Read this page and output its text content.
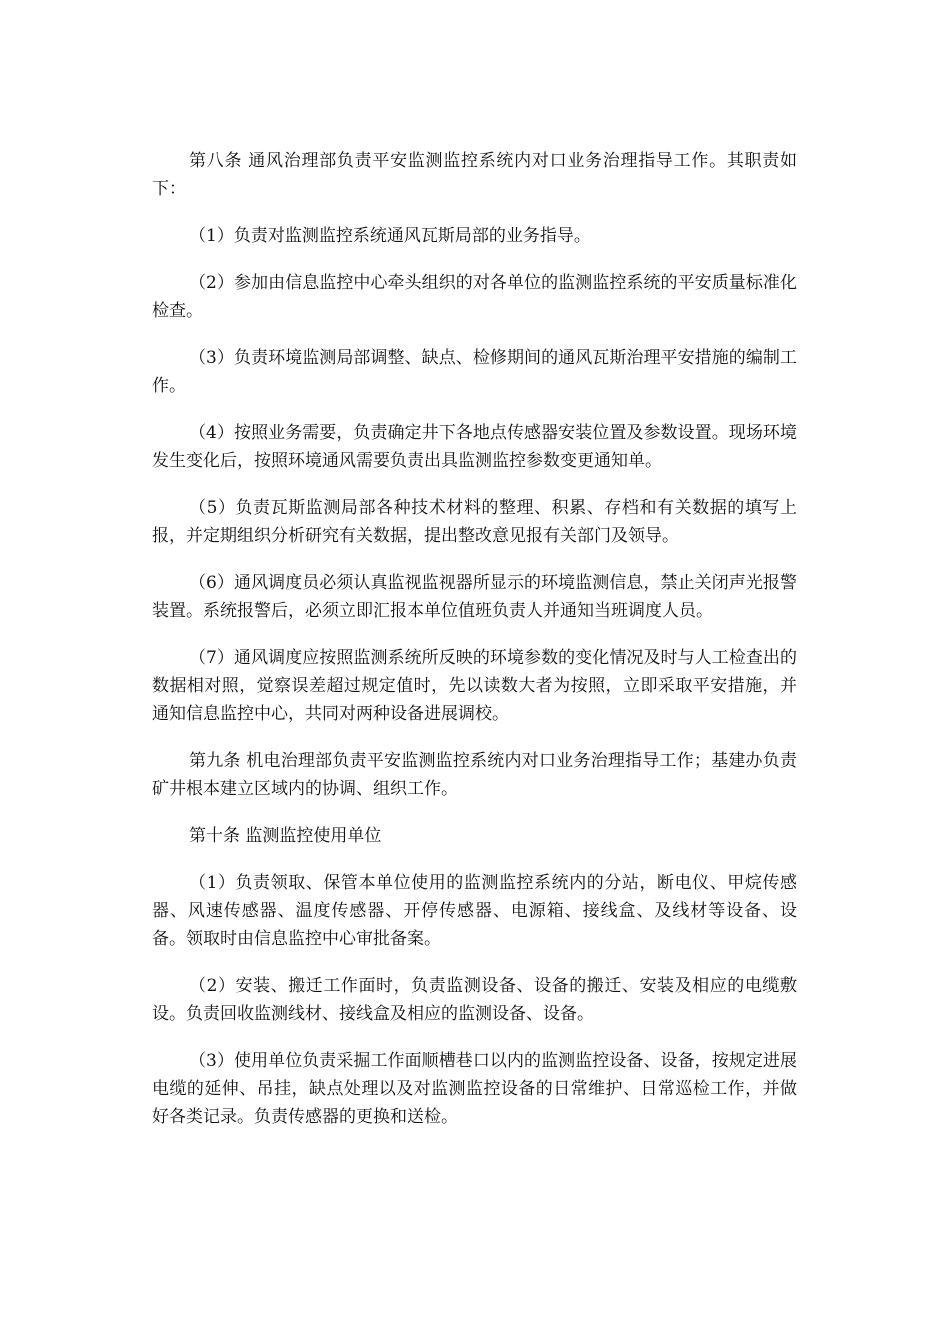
第八条 通风治理部负责平安监测监控系统内对口业务治理指导工作。其职责如下：

（1）负责对监测监控系统通风瓦斯局部的业务指导。

（2）参加由信息监控中心牵头组织的对各单位的监测监控系统的平安质量标准化检查。

（3）负责环境监测局部调整、缺点、检修期间的通风瓦斯治理平安措施的编制工作。

（4）按照业务需要，负责确定井下各地点传感器安装位置及参数设置。现场环境发生变化后，按照环境通风需要负责出具监测监控参数变更通知单。

（5）负责瓦斯监测局部各种技术材料的整理、积累、存档和有关数据的填写上报，并定期组织分析研究有关数据，提出整改意见报有关部门及领导。

（6）通风调度员必须认真监视监视器所显示的环境监测信息，禁止关闭声光报警装置。系统报警后，必须立即汇报本单位值班负责人并通知当班调度人员。

（7）通风调度应按照监测系统所反映的环境参数的变化情况及时与人工检查出的数据相对照，觉察误差超过规定值时，先以读数大者为按照，立即采取平安措施，并通知信息监控中心，共同对两种设备进展调校。

第九条 机电治理部负责平安监测监控系统内对口业务治理指导工作；基建办负责矿井根本建立区域内的协调、组织工作。

第十条 监测监控使用单位

（1）负责领取、保管本单位使用的监测监控系统内的分站，断电仪、甲烷传感器、风速传感器、温度传感器、开停传感器、电源箱、接线盒、及线材等设备、设备。领取时由信息监控中心审批备案。

（2）安装、搬迁工作面时，负责监测设备、设备的搬迁、安装及相应的电缆敷设。负责回收监测线材、接线盒及相应的监测设备、设备。

（3）使用单位负责采掘工作面顺槽巷口以内的监测监控设备、设备，按规定进展电缆的延伸、吊挂，缺点处理以及对监测监控设备的日常维护、日常巡检工作，并做好各类记录。负责传感器的更换和送检。
